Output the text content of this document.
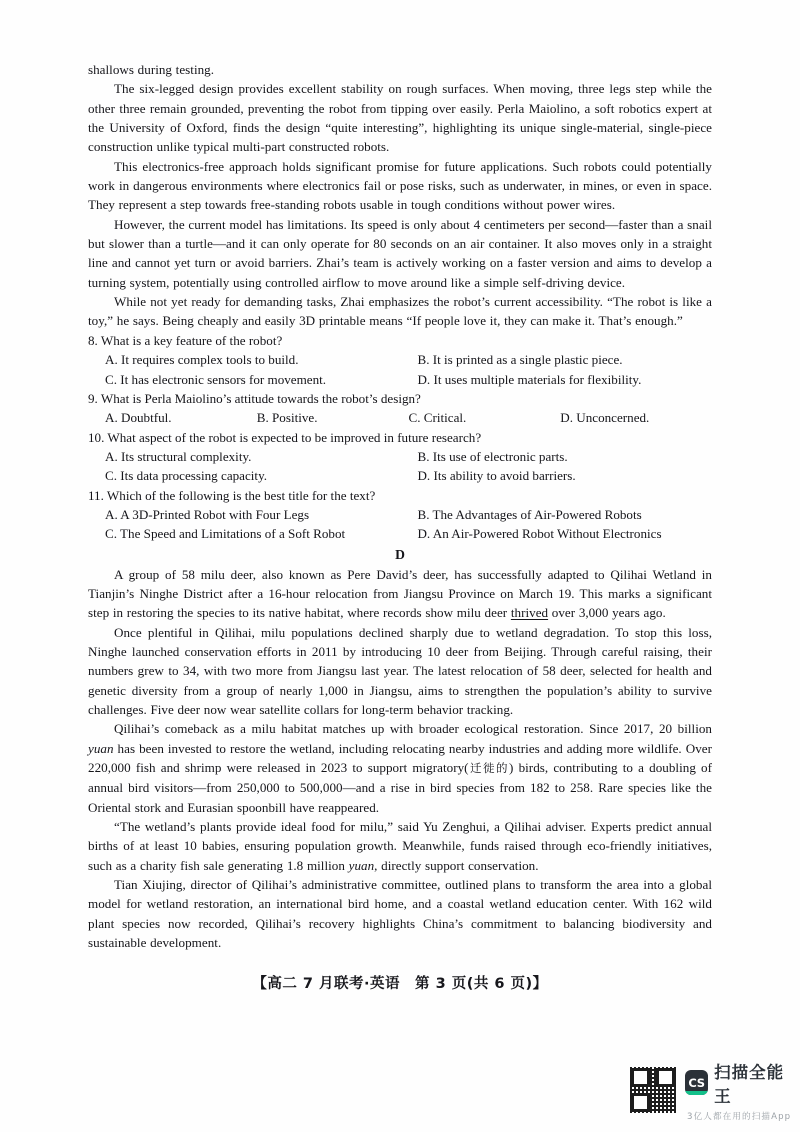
shallows during testing.

The six-legged design provides excellent stability on rough surfaces. When moving, three legs step while the other three remain grounded, preventing the robot from tipping over easily. Perla Maiolino, a soft robotics expert at the University of Oxford, finds the design “quite interesting”, highlighting its unique single-material, single-piece construction unlike typical multi-part constructed robots.

This electronics-free approach holds significant promise for future applications. Such robots could potentially work in dangerous environments where electronics fail or pose risks, such as underwater, in mines, or even in space. They represent a step towards free-standing robots usable in tough conditions without power wires.

However, the current model has limitations. Its speed is only about 4 centimeters per second—faster than a snail but slower than a turtle—and it can only operate for 80 seconds on an air container. It also moves only in a straight line and cannot yet turn or avoid barriers. Zhai’s team is actively working on a faster version and aims to develop a turning system, potentially using controlled airflow to move around like a simple self-driving device.

While not yet ready for demanding tasks, Zhai emphasizes the robot’s current accessibility. “The robot is like a toy,” he says. Being cheaply and easily 3D printable means “If people love it, they can make it. That’s enough.”

8. What is a key feature of the robot?

A. It requires complex tools to build.	B. It is printed as a single plastic piece.
C. It has electronic sensors for movement.	D. It uses multiple materials for flexibility.

9. What is Perla Maiolino’s attitude towards the robot’s design?

A. Doubtful.	B. Positive.	C. Critical.	D. Unconcerned.

10. What aspect of the robot is expected to be improved in future research?

A. Its structural complexity.	B. Its use of electronic parts.
C. Its data processing capacity.	D. Its ability to avoid barriers.

11. Which of the following is the best title for the text?

A. A 3D-Printed Robot with Four Legs	B. The Advantages of Air-Powered Robots
C. The Speed and Limitations of a Soft Robot	D. An Air-Powered Robot Without Electronics

D

A group of 58 milu deer, also known as Pere David’s deer, has successfully adapted to Qilihai Wetland in Tianjin’s Ninghe District after a 16-hour relocation from Jiangsu Province on March 19. This marks a significant step in restoring the species to its native habitat, where records show milu deer thrived over 3,000 years ago.

Once plentiful in Qilihai, milu populations declined sharply due to wetland degradation. To stop this loss, Ninghe launched conservation efforts in 2011 by introducing 10 deer from Beijing. Through careful raising, their numbers grew to 34, with two more from Jiangsu last year. The latest relocation of 58 deer, selected for health and genetic diversity from a group of nearly 1,000 in Jiangsu, aims to strengthen the population’s ability to survive challenges. Five deer now wear satellite collars for long-term behavior tracking.

Qilihai’s comeback as a milu habitat matches up with broader ecological restoration. Since 2017, 20 billion yuan has been invested to restore the wetland, including relocating nearby industries and adding more wildlife. Over 220,000 fish and shrimp were released in 2023 to support migratory(迁徙的) birds, contributing to a doubling of annual bird visitors—from 250,000 to 500,000—and a rise in bird species from 182 to 258. Rare species like the Oriental stork and Eurasian spoonbill have reappeared.

“The wetland’s plants provide ideal food for milu,” said Yu Zenghui, a Qilihai adviser. Experts predict annual births of at least 10 babies, ensuring population growth. Meanwhile, funds raised through eco-friendly initiatives, such as a charity fish sale generating 1.8 million yuan, directly support conservation.

Tian Xiujing, director of Qilihai’s administrative committee, outlined plans to transform the area into a global model for wetland restoration, an international bird home, and a coastal wetland education center. With 162 wild plant species now recorded, Qilihai’s recovery highlights China’s commitment to balancing biodiversity and sustainable development.

【高二 7 月联考·英语　第 3 页(共 6 页)】
CS
扫描全能王
3亿人都在用的扫描App
